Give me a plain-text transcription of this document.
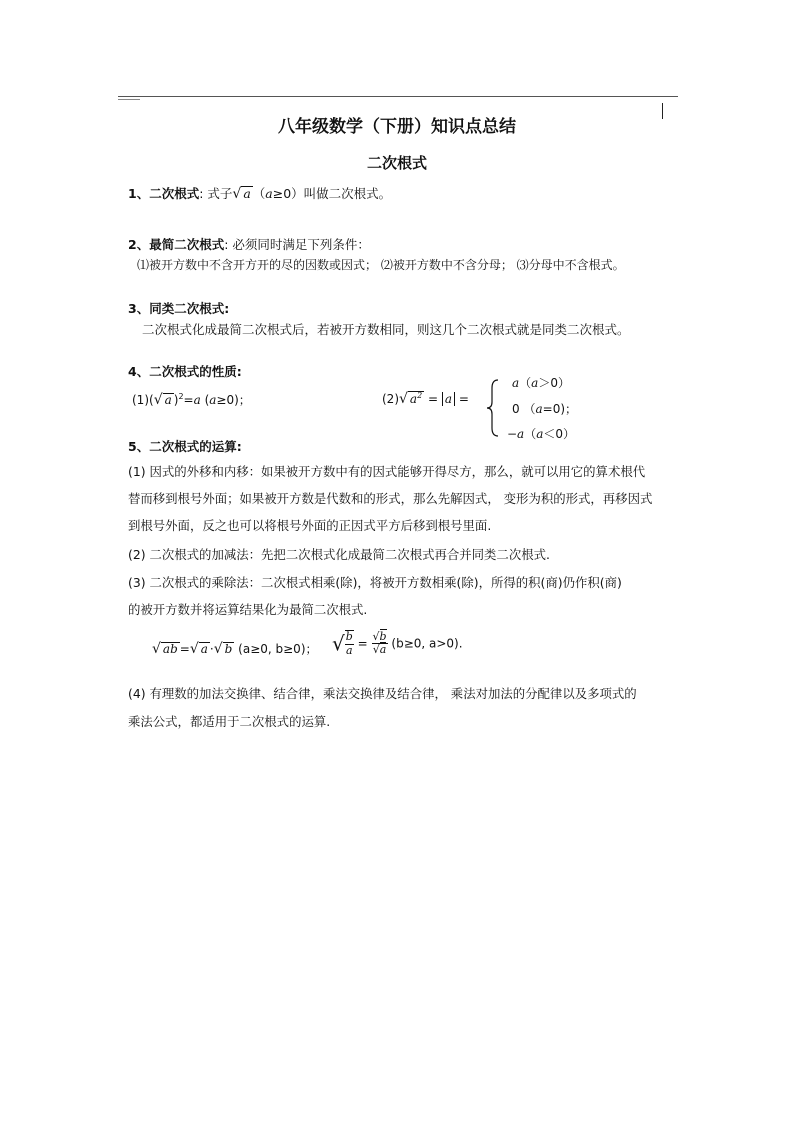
八年级数学（下册）知识点总结
二次根式
1、二次根式: 式子√ a （a≥0）叫做二次根式。
2、最简二次根式: 必须同时满足下列条件：
⑴被开方数中不含开方开的尽的因数或因式； ⑵被开方数中不含分母； ⑶分母中不含根式。
3、同类二次根式:
二次根式化成最简二次根式后，若被开方数相同，则这几个二次根式就是同类二次根式。
4、二次根式的性质:
(1)(√ a )$^2$=a (a≥0)；	(2)√ $a^2 = a$ =
a（a＞0）
0 （a=0)；
−a（a＜0）
5、二次根式的运算:
(1) 因式的外移和内移：如果被开方数中有的因式能够开得尽方，那么，就可以用它的算术根代
替而移到根号外面；如果被开方数是代数和的形式，那么先解因式， 变形为积的形式，再移因式
到根号外面，反之也可以将根号外面的正因式平方后移到根号里面.
(2) 二次根式的加减法：先把二次根式化成最简二次根式再合并同类二次根式.
(3) 二次根式的乘除法：二次根式相乘(除)，将被开方数相乘(除)，所得的积(商)仍作积(商)
的被开方数并将运算结果化为最简二次根式.
√ ab =√ a ·√ b (a≥0, b≥0)； √ $\frac{b}{a} = \frac{√b}{√a} (b\ge 0$, a>0).
(4) 有理数的加法交换律、结合律，乘法交换律及结合律， 乘法对加法的分配律以及多项式的
乘法公式，都适用于二次根式的运算.
